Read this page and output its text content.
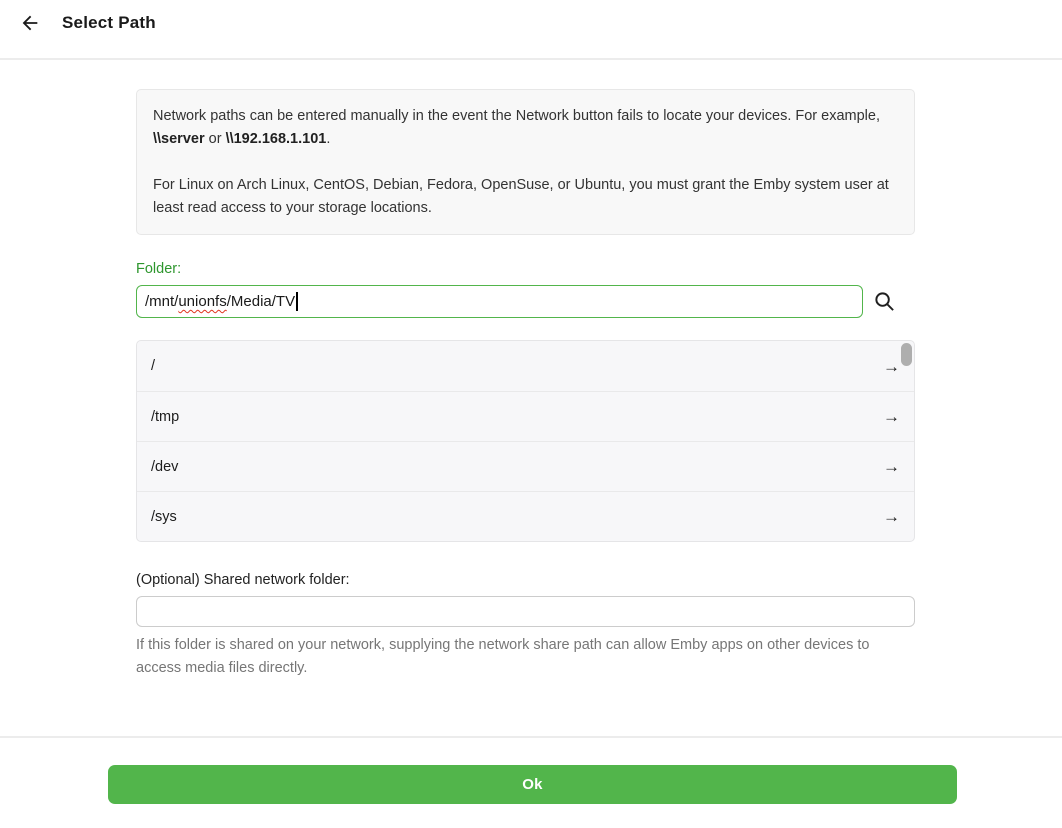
Select Path

Network paths can be entered manually in the event the Network button fails to locate your devices. For example, \\server or \\192.168.1.101.

For Linux on Arch Linux, CentOS, Debian, Fedora, OpenSuse, or Ubuntu, you must grant the Emby system user at least read access to your storage locations.

Folder:
/mnt/ unionfs /Media/TV
/	→
/tmp	→
/dev	→
/sys	→
(Optional) Shared network folder:
If this folder is shared on your network, supplying the network share path can allow Emby apps on other devices to access media files directly.
Ok
